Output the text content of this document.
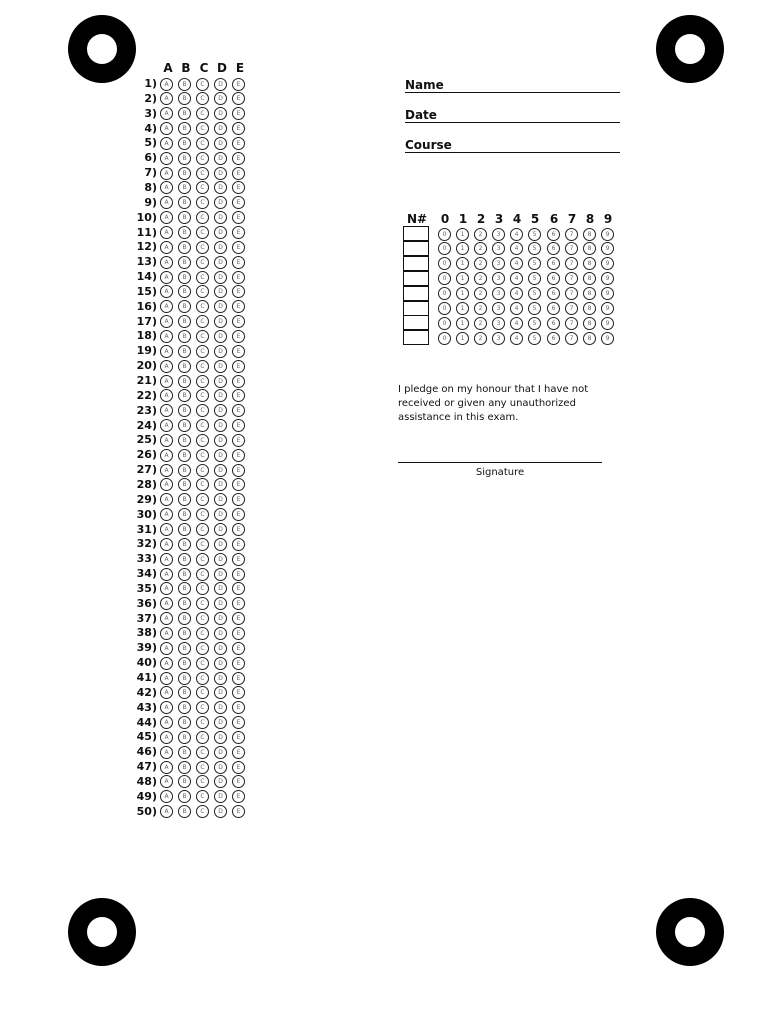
A B C D E
1)	A	B	C	D	E
2)	A	B	C	D	E
3)	A	B	C	D	E
4)	A	B	C	D	E
5)	A	B	C	D	E
6)	A	B	C	D	E
7)	A	B	C	D	E
8)	A	B	C	D	E
9)	A	B	C	D	E
10)	A	B	C	D	E
11)	A	B	C	D	E
12)	A	B	C	D	E
13)	A	B	C	D	E
14)	A	B	C	D	E
15)	A	B	C	D	E
16)	A	B	C	D	E
17)	A	B	C	D	E
18)	A	B	C	D	E
19)	A	B	C	D	E
20)	A	B	C	D	E
21)	A	B	C	D	E
22)	A	B	C	D	E
23)	A	B	C	D	E
24)	A	B	C	D	E
25)	A	B	C	D	E
26)	A	B	C	D	E
27)	A	B	C	D	E
28)	A	B	C	D	E
29)	A	B	C	D	E
30)	A	B	C	D	E
31)	A	B	C	D	E
32)	A	B	C	D	E
33)	A	B	C	D	E
34)	A	B	C	D	E
35)	A	B	C	D	E
36)	A	B	C	D	E
37)	A	B	C	D	E
38)	A	B	C	D	E
39)	A	B	C	D	E
40)	A	B	C	D	E
41)	A	B	C	D	E
42)	A	B	C	D	E
43)	A	B	C	D	E
44)	A	B	C	D	E
45)	A	B	C	D	E
46)	A	B	C	D	E
47)	A	B	C	D	E
48)	A	B	C	D	E
49)	A	B	C	D	E
50)	A	B	C	D	E
Name
Date
Course
N#	0 1 2 3 4 5 6 7 8 9
0	1	2	3	4	5	6	7	8	9
0	1	2	3	4	5	6	7	8	9
0	1	2	3	4	5	6	7	8	9
0	1	2	3	4	5	6	7	8	9
0	1	2	3	4	5	6	7	8	9
0	1	2	3	4	5	6	7	8	9
0	1	2	3	4	5	6	7	8	9
0	1	2	3	4	5	6	7	8	9

I pledge on my honour that I have not received or given any unauthorized assistance in this exam.

Signature
